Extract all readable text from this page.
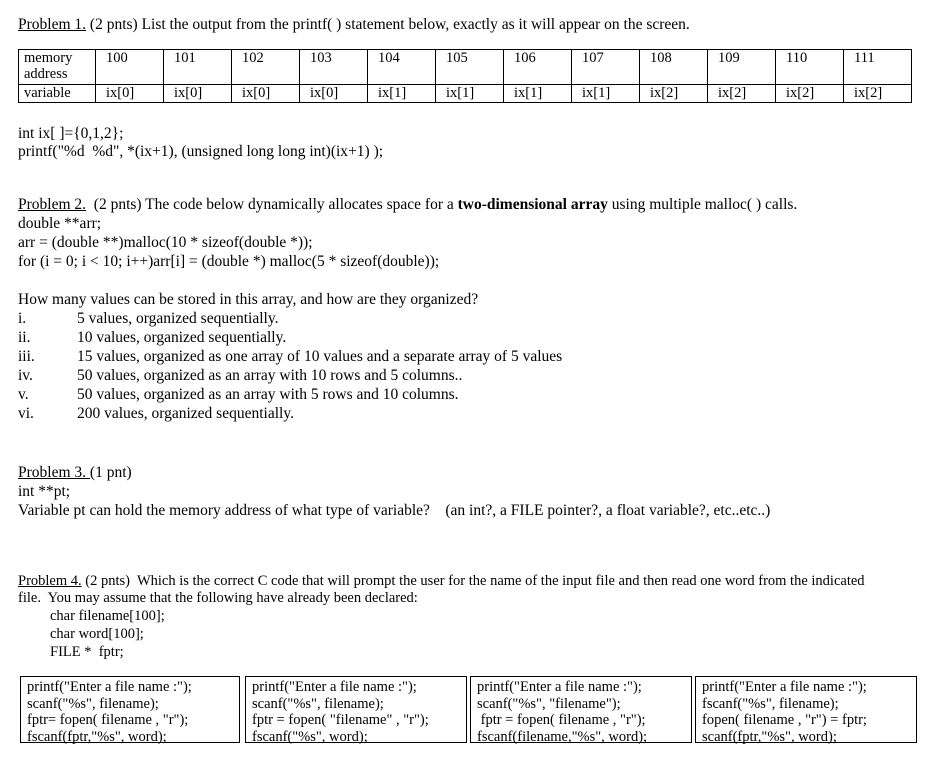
Problem 1. (2 pnts) List the output from the printf( ) statement below, exactly as it will appear on the screen.
memory address	100	101	102	103	104	105	106	107	108	109	110	111
variable	ix[0]	ix[0]	ix[0]	ix[0]	ix[1]	ix[1]	ix[1]	ix[1]	ix[2]	ix[2]	ix[2]	ix[2]
int ix[ ]={0,1,2};
printf("%d  %d", *(ix+1), (unsigned long long int)(ix+1) );
Problem 2.  (2 pnts) The code below dynamically allocates space for a two-dimensional array using multiple malloc( ) calls.
double **arr;
arr = (double **)malloc(10 * sizeof(double *));
for (i = 0; i < 10; i++)arr[i] = (double *) malloc(5 * sizeof(double));
How many values can be stored in this array, and how are they organized?
i.	5 values, organized sequentially.
ii.	10 values, organized sequentially.
iii.	15 values, organized as one array of 10 values and a separate array of 5 values
iv.	50 values, organized as an array with 10 rows and 5 columns..
v.	50 values, organized as an array with 5 rows and 10 columns.
vi.	200 values, organized sequentially.
Problem 3. (1 pnt)
int **pt;
Variable pt can hold the memory address of what type of variable?    (an int?, a FILE pointer?, a float variable?, etc..etc..)
Problem 4. (2 pnts)  Which is the correct C code that will prompt the user for the name of the input file and then read one word from the indicated
file.  You may assume that the following have already been declared:
char filename[100];
char word[100];
FILE *  fptr;
printf("Enter a file name :");
scanf("%s", filename);
fptr= fopen( filename , "r");
fscanf(fptr,"%s", word);
printf("Enter a file name :");
scanf("%s", filename);
fptr = fopen( "filename" , "r");
fscanf("%s", word);
printf("Enter a file name :");
scanf("%s", "filename");
fptr = fopen( filename , "r");
fscanf(filename,"%s", word);
printf("Enter a file name :");
fscanf("%s", filename);
fopen( filename , "r") = fptr;
scanf(fptr,"%s", word);
